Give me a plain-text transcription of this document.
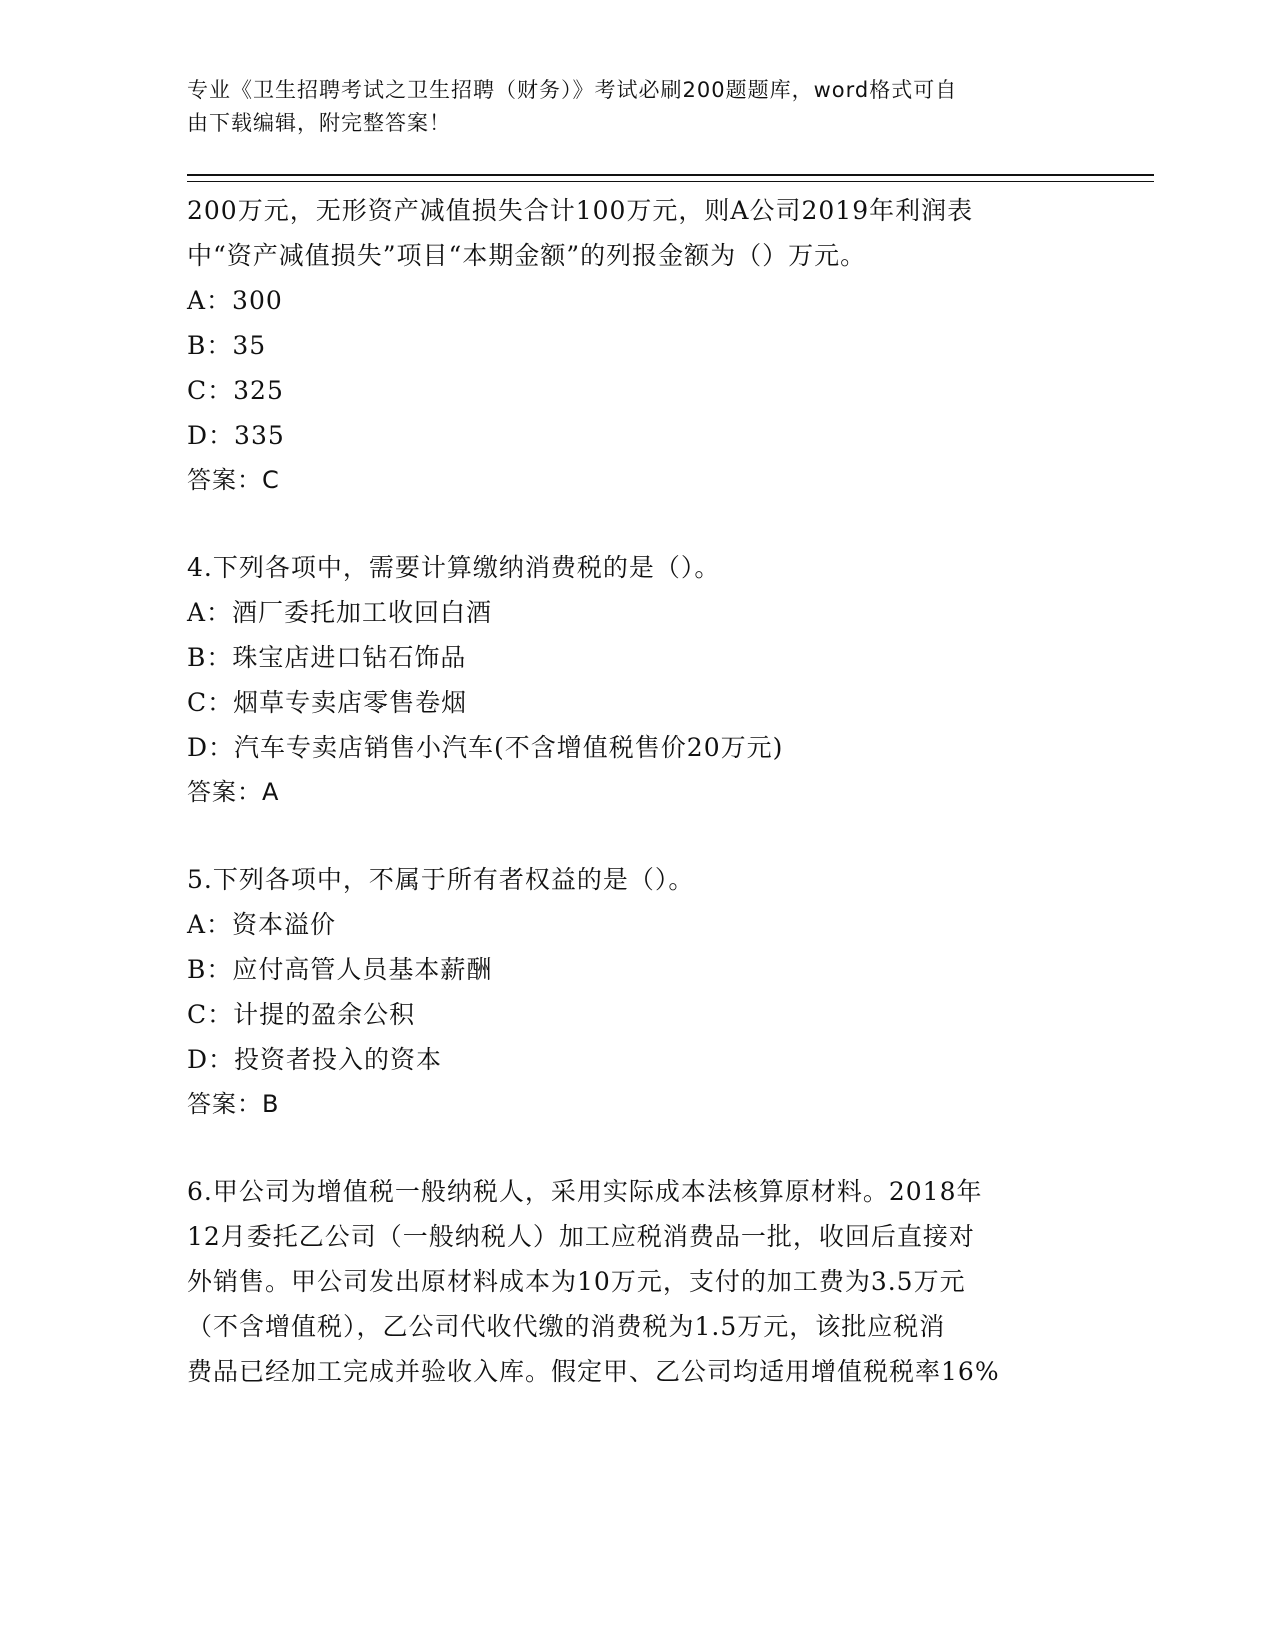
专业《卫生招聘考试之卫生招聘（财务）》考试必刷200题题库，word格式可自
由下载编辑，附完整答案！
200万元，无形资产减值损失合计100万元，则A公司2019年利润表
中“资产减值损失”项目“本期金额”的列报金额为（）万元。
A：300
B：35
C：325
D：335
答案：C
4.下列各项中，需要计算缴纳消费税的是（）。
A：酒厂委托加工收回白酒
B：珠宝店进口钻石饰品
C：烟草专卖店零售卷烟
D：汽车专卖店销售小汽车(不含增值税售价20万元)
答案：A
5.下列各项中，不属于所有者权益的是（）。
A：资本溢价
B：应付高管人员基本薪酬
C：计提的盈余公积
D：投资者投入的资本
答案：B
6.甲公司为增值税一般纳税人，采用实际成本法核算原材料。2018年
12月委托乙公司（一般纳税人）加工应税消费品一批，收回后直接对
外销售。甲公司发出原材料成本为10万元，支付的加工费为3.5万元
（不含增值税），乙公司代收代缴的消费税为1.5万元，该批应税消
费品已经加工完成并验收入库。假定甲、乙公司均适用增值税税率16%
